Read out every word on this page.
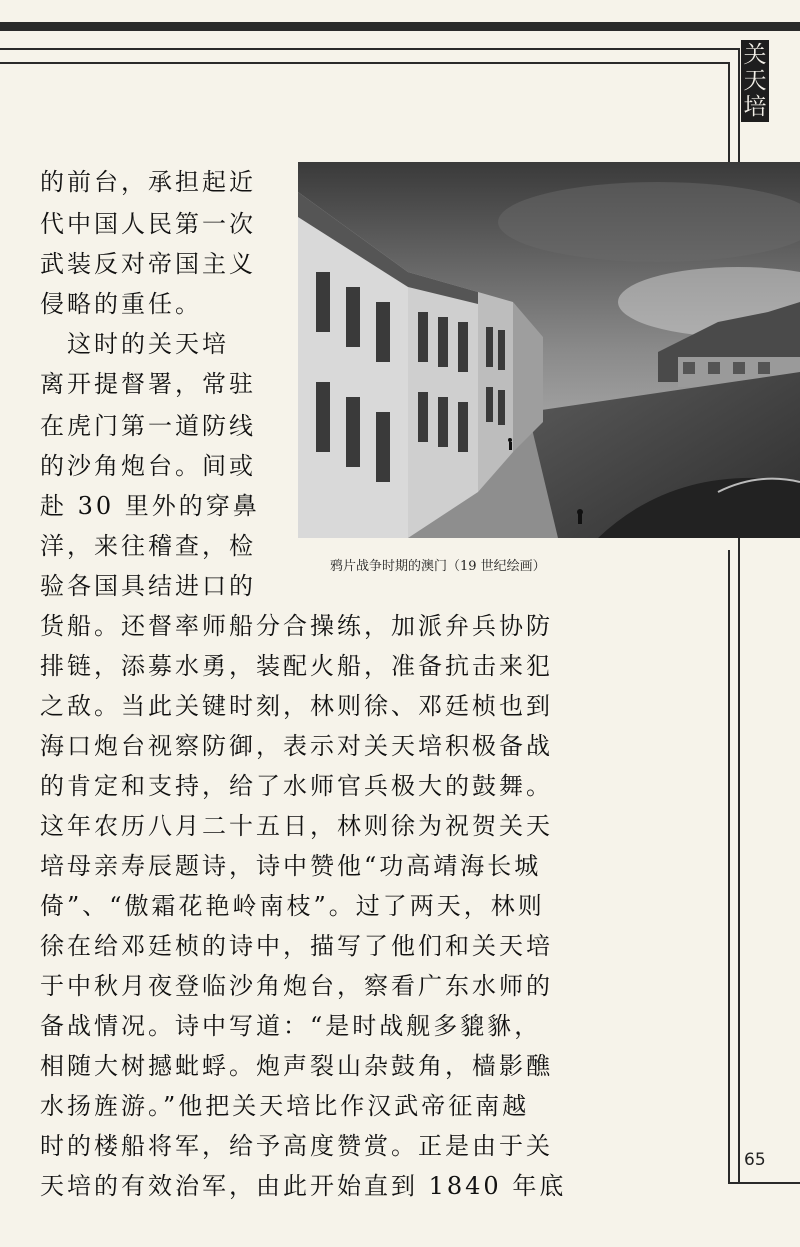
关
天
培
鸦片战争时期的澳门（19 世纪绘画）
的前台，承担起近
代中国人民第一次
武装反对帝国主义
侵略的重任。
　这时的关天培
离开提督署，常驻
在虎门第一道防线
的沙角炮台。间或
赴 30 里外的穿鼻
洋，来往稽查，检
验各国具结进口的
货船。还督率师船分合操练，加派弁兵协防
排链，添募水勇，装配火船，准备抗击来犯
之敌。当此关键时刻，林则徐、邓廷桢也到
海口炮台视察防御，表示对关天培积极备战
的肯定和支持，给了水师官兵极大的鼓舞。
这年农历八月二十五日，林则徐为祝贺关天
培母亲寿辰题诗，诗中赞他“功高靖海长城
倚”、“傲霜花艳岭南枝”。过了两天，林则
徐在给邓廷桢的诗中，描写了他们和关天培
于中秋月夜登临沙角炮台，察看广东水师的
备战情况。诗中写道：“是时战舰多貔貅，
相随大树撼蚍蜉。炮声裂山杂鼓角，樯影醮
水扬旌游。”他把关天培比作汉武帝征南越
时的楼船将军，给予高度赞赏。正是由于关
天培的有效治军，由此开始直到 1840 年底
65
